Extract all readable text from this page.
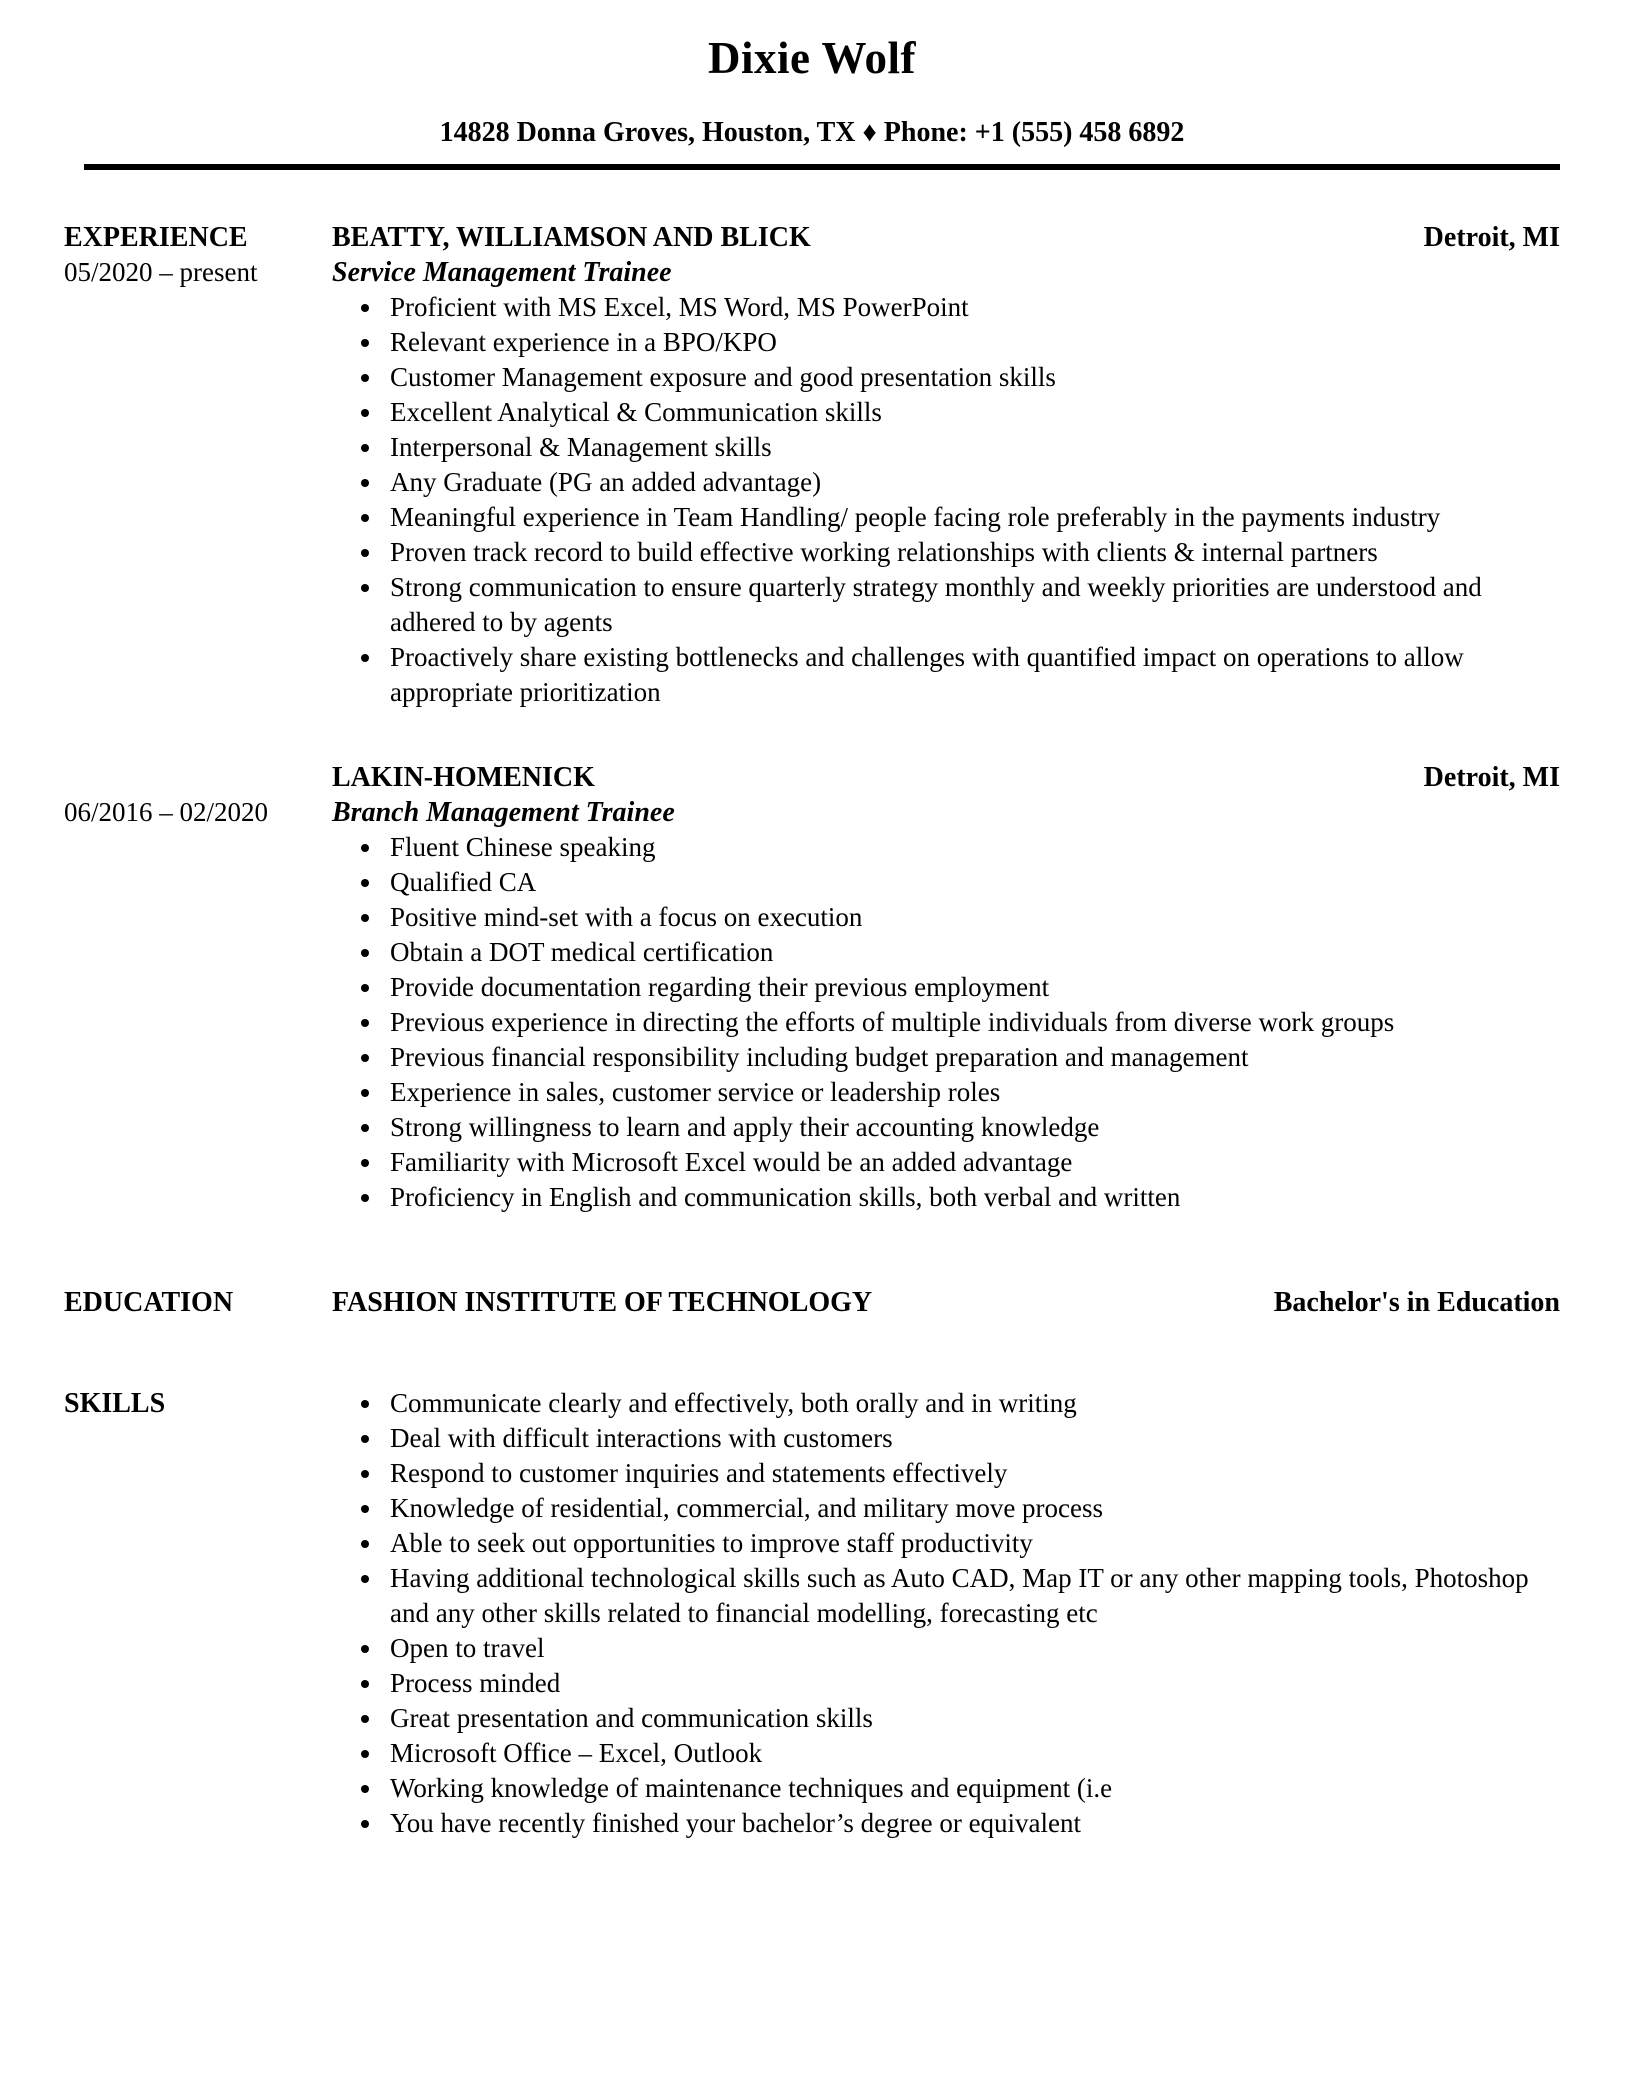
Dixie Wolf
14828 Donna Groves, Houston, TX ♦ Phone: +1 (555) 458 6892
EXPERIENCE
05/2020 – present
BEATTY, WILLIAMSON AND BLICK	Detroit, MI
Service Management Trainee
• Proficient with MS Excel, MS Word, MS PowerPoint
• Relevant experience in a BPO/KPO
• Customer Management exposure and good presentation skills
• Excellent Analytical & Communication skills
• Interpersonal & Management skills
• Any Graduate (PG an added advantage)
• Meaningful experience in Team Handling/ people facing role preferably in the payments industry
• Proven track record to build effective working relationships with clients & internal partners
• Strong communication to ensure quarterly strategy monthly and weekly priorities are understood and adhered to by agents
• Proactively share existing bottlenecks and challenges with quantified impact on operations to allow appropriate prioritization
06/2016 – 02/2020
LAKIN-HOMENICK	Detroit, MI
Branch Management Trainee
• Fluent Chinese speaking
• Qualified CA
• Positive mind-set with a focus on execution
• Obtain a DOT medical certification
• Provide documentation regarding their previous employment
• Previous experience in directing the efforts of multiple individuals from diverse work groups
• Previous financial responsibility including budget preparation and management
• Experience in sales, customer service or leadership roles
• Strong willingness to learn and apply their accounting knowledge
• Familiarity with Microsoft Excel would be an added advantage
• Proficiency in English and communication skills, both verbal and written
EDUCATION	FASHION INSTITUTE OF TECHNOLOGY	Bachelor's in Education
SKILLS	• Communicate clearly and effectively, both orally and in writing
• Deal with difficult interactions with customers
• Respond to customer inquiries and statements effectively
• Knowledge of residential, commercial, and military move process
• Able to seek out opportunities to improve staff productivity
• Having additional technological skills such as Auto CAD, Map IT or any other mapping tools, Photoshop and any other skills related to financial modelling, forecasting etc
• Open to travel
• Process minded
• Great presentation and communication skills
• Microsoft Office – Excel, Outlook
• Working knowledge of maintenance techniques and equipment (i.e
• You have recently finished your bachelor’s degree or equivalent
